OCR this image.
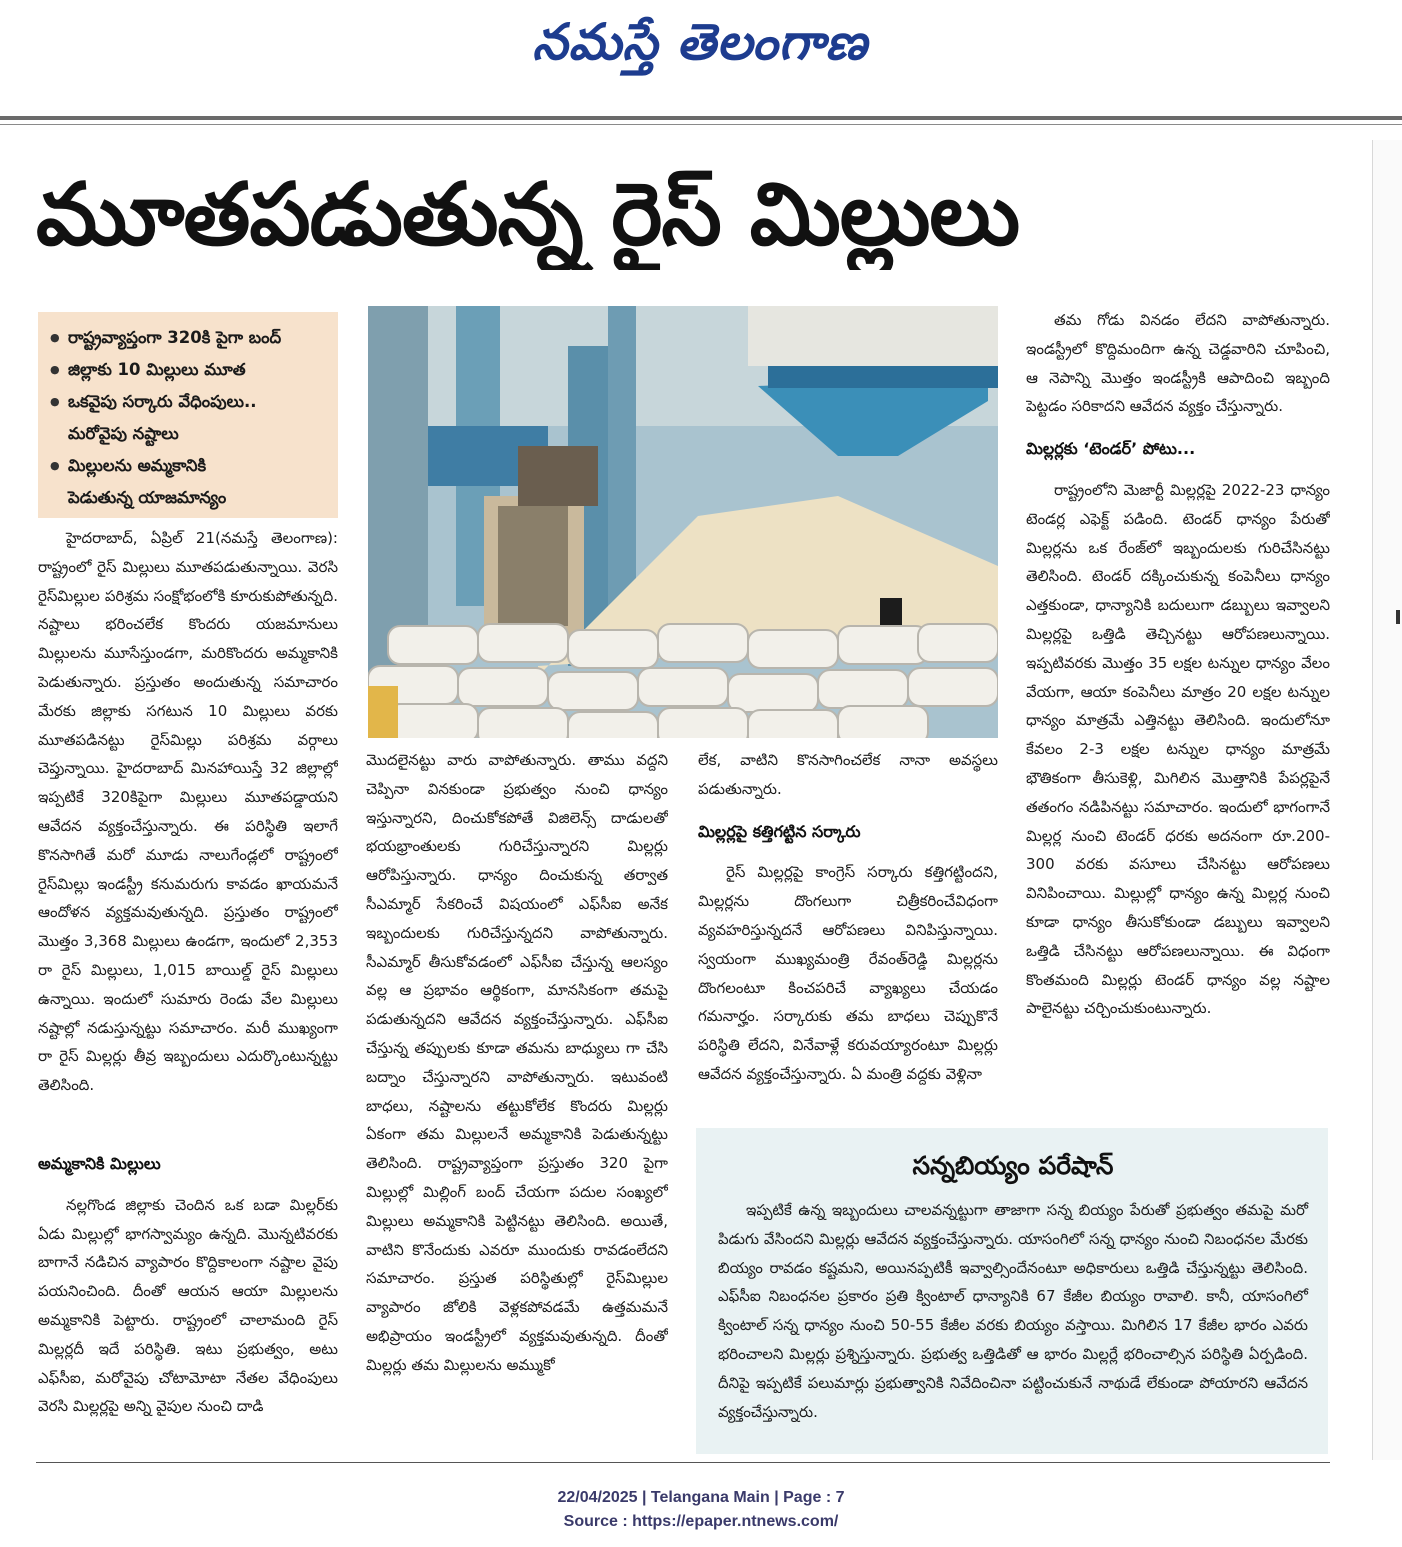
నమస్తే తెలంగాణ
మూతపడుతున్న రైస్ మిల్లులు
● రాష్ట్రవ్యాప్తంగా 320కి పైగా బంద్
● జిల్లాకు 10 మిల్లులు మూత
● ఒకవైపు సర్కారు వేధింపులు..
మరోవైపు నష్టాలు
● మిల్లులను అమ్మకానికి
పెడుతున్న యాజమాన్యం

హైదరాబాద్, ఏప్రిల్ 21(నమస్తే తెలంగాణ): రాష్ట్రంలో రైస్ మిల్లులు మూతపడుతున్నాయి. వెరసి రైస్‌మిల్లుల పరిశ్రమ సంక్షోభంలోకి కూరుకుపోతున్నది. నష్టాలు భరించలేక కొందరు యజమానులు మిల్లులను మూసేస్తుండగా, మరికొందరు అమ్మకానికి పెడుతున్నారు. ప్రస్తుతం అందుతున్న సమాచారం మేరకు జిల్లాకు సగటున 10 మిల్లులు వరకు మూతపడినట్టు రైస్‌మిల్లు పరిశ్రమ వర్గాలు చెప్తున్నాయి. హైదరాబాద్ మినహాయిస్తే 32 జిల్లాల్లో ఇప్పటికే 320కిపైగా మిల్లులు మూతపడ్డాయని ఆవేదన వ్యక్తంచేస్తున్నారు. ఈ పరిస్థితి ఇలాగే కొనసాగితే మరో మూడు నాలుగేండ్లలో రాష్ట్రంలో రైస్‌మిల్లు ఇండస్ట్రీ కనుమరుగు కావడం ఖాయమనే ఆందోళన వ్యక్తమవుతున్నది. ప్రస్తుతం రాష్ట్రంలో మొత్తం 3,368 మిల్లులు ఉండగా, ఇందులో 2,353 రా రైస్ మిల్లులు, 1,015 బాయిల్డ్ రైస్ మిల్లులు ఉన్నాయి. ఇందులో సుమారు రెండు వేల మిల్లులు నష్టాల్లో నడుస్తున్నట్టు సమాచారం. మరీ ముఖ్యంగా రా రైస్ మిల్లర్లు తీవ్ర ఇబ్బందులు ఎదుర్కొంటున్నట్టు తెలిసింది.

అమ్మకానికి మిల్లులు

నల్లగొండ జిల్లాకు చెందిన ఒక బడా మిల్లర్‌కు ఏడు మిల్లుల్లో భాగస్వామ్యం ఉన్నది. మొన్నటివరకు బాగానే నడిచిన వ్యాపారం కొద్దికాలంగా నష్టాల వైపు పయనించింది. దీంతో ఆయన ఆయా మిల్లులను అమ్మకానికి పెట్టారు. రాష్ట్రంలో చాలామంది రైస్ మిల్లర్లదీ ఇదే పరిస్థితి. ఇటు ప్రభుత్వం, అటు ఎఫ్‌సీఐ, మరోవైపు చోటామోటా నేతల వేధింపులు వెరసి మిల్లర్లపై అన్ని వైపుల నుంచి దాడి

మొదలైనట్టు వారు వాపోతున్నారు. తాము వద్దని చెప్పినా వినకుండా ప్రభుత్వం నుంచి ధాన్యం ఇస్తున్నారని, దించుకోకపోతే విజిలెన్స్ దాడులతో భయభ్రాంతులకు గురిచేస్తున్నారని మిల్లర్లు ఆరోపిస్తున్నారు. ధాన్యం దించుకున్న తర్వాత సీఎమ్మార్ సేకరించే విషయంలో ఎఫ్‌సీఐ అనేక ఇబ్బందులకు గురిచేస్తున్నదని వాపోతున్నారు. సీఎమ్మార్ తీసుకోవడంలో ఎఫ్‌సీఐ చేస్తున్న ఆలస్యం వల్ల ఆ ప్రభావం ఆర్థికంగా, మానసికంగా తమపై పడుతున్నదని ఆవేదన వ్యక్తంచేస్తున్నారు. ఎఫ్‌సీఐ చేస్తున్న తప్పులకు కూడా తమను బాధ్యులు గా చేసి బద్నాం చేస్తున్నారని వాపోతున్నారు. ఇటువంటి బాధలు, నష్టాలను తట్టుకోలేక కొందరు మిల్లర్లు ఏకంగా తమ మిల్లులనే అమ్మకానికి పెడుతున్నట్టు తెలిసింది. రాష్ట్రవ్యాప్తంగా ప్రస్తుతం 320 పైగా మిల్లుల్లో మిల్లింగ్ బంద్ చేయగా పదుల సంఖ్యలో మిల్లులు అమ్మకానికి పెట్టినట్టు తెలిసింది. అయితే, వాటిని కొనేందుకు ఎవరూ ముందుకు రావడంలేదని సమాచారం. ప్రస్తుత పరిస్థితుల్లో రైస్‌మిల్లుల వ్యాపారం జోలికి వెళ్లకపోవడమే ఉత్తమమనే అభిప్రాయం ఇండస్ట్రీలో వ్యక్తమవుతున్నది. దీంతో మిల్లర్లు తమ మిల్లులను అమ్ముకో

లేక, వాటిని కొనసాగించలేక నానా అవస్థలు పడుతున్నారు.

మిల్లర్లపై కత్తిగట్టిన సర్కారు

రైస్ మిల్లర్లపై కాంగ్రెస్ సర్కారు కత్తిగట్టిందని, మిల్లర్లను దొంగలుగా చిత్రీకరించేవిధంగా వ్యవహరిస్తున్నదనే ఆరోపణలు వినిపిస్తున్నాయి. స్వయంగా ముఖ్యమంత్రి రేవంత్‌రెడ్డి మిల్లర్లను దొంగలంటూ కించపరిచే వ్యాఖ్యలు చేయడం గమనార్హం. సర్కారుకు తమ బాధలు చెప్పుకొనే పరిస్థితి లేదని, వినేవాళ్లే కరువయ్యారంటూ మిల్లర్లు ఆవేదన వ్యక్తంచేస్తున్నారు. ఏ మంత్రి వద్దకు వెళ్లినా

తమ గోడు వినడం లేదని వాపోతున్నారు. ఇండస్ట్రీలో కొద్దిమందిగా ఉన్న చెడ్డవారిని చూపించి, ఆ నెపాన్ని మొత్తం ఇండస్ట్రీకి ఆపాదించి ఇబ్బంది పెట్టడం సరికాదని ఆవేదన వ్యక్తం చేస్తున్నారు.

మిల్లర్లకు ‘టెండర్’ పోటు...

రాష్ట్రంలోని మెజార్టీ మిల్లర్లపై 2022-23 ధాన్యం టెండర్ల ఎఫెక్ట్ పడింది. టెండర్ ధాన్యం పేరుతో మిల్లర్లను ఒక రేంజ్‌లో ఇబ్బందులకు గురిచేసినట్టు తెలిసింది. టెండర్ దక్కించుకున్న కంపెనీలు ధాన్యం ఎత్తకుండా, ధాన్యానికి బదులుగా డబ్బులు ఇవ్వాలని మిల్లర్లపై ఒత్తిడి తెచ్చినట్టు ఆరోపణలున్నాయి. ఇప్పటివరకు మొత్తం 35 లక్షల టన్నుల ధాన్యం వేలం వేయగా, ఆయా కంపెనీలు మాత్రం 20 లక్షల టన్నుల ధాన్యం మాత్రమే ఎత్తినట్టు తెలిసింది. ఇందులోనూ కేవలం 2-3 లక్షల టన్నుల ధాన్యం మాత్రమే భౌతికంగా తీసుకెళ్లి, మిగిలిన మొత్తానికి పేపర్లపైనే తతంగం నడిపినట్టు సమాచారం. ఇందులో భాగంగానే మిల్లర్ల నుంచి టెండర్ ధరకు అదనంగా రూ.200-300 వరకు వసూలు చేసినట్టు ఆరోపణలు వినిపించాయి. మిల్లుల్లో ధాన్యం ఉన్న మిల్లర్ల నుంచి కూడా ధాన్యం తీసుకోకుండా డబ్బులు ఇవ్వాలని ఒత్తిడి చేసినట్టు ఆరోపణలున్నాయి. ఈ విధంగా కొంతమంది మిల్లర్లు టెండర్ ధాన్యం వల్ల నష్టాల పాలైనట్టు చర్చించుకుంటున్నారు.

సన్నబియ్యం పరేషాన్

ఇప్పటికే ఉన్న ఇబ్బందులు చాలవన్నట్టుగా తాజాగా సన్న బియ్యం పేరుతో ప్రభుత్వం తమపై మరో పిడుగు వేసిందని మిల్లర్లు ఆవేదన వ్యక్తంచేస్తున్నారు. యాసంగిలో సన్న ధాన్యం నుంచి నిబంధనల మేరకు బియ్యం రావడం కష్టమని, అయినప్పటికీ ఇవ్వాల్సిందేనంటూ అధికారులు ఒత్తిడి చేస్తున్నట్టు తెలిసింది. ఎఫ్‌సీఐ నిబంధనల ప్రకారం ప్రతి క్వింటాల్ ధాన్యానికి 67 కేజీల బియ్యం రావాలి. కానీ, యాసంగిలో క్వింటాల్ సన్న ధాన్యం నుంచి 50-55 కేజీల వరకు బియ్యం వస్తాయి. మిగిలిన 17 కేజీల భారం ఎవరు భరించాలని మిల్లర్లు ప్రశ్నిస్తున్నారు. ప్రభుత్వ ఒత్తిడితో ఆ భారం మిల్లర్లే భరించాల్సిన పరిస్థితి ఏర్పడింది. దీనిపై ఇప్పటికే పలుమార్లు ప్రభుత్వానికి నివేదించినా పట్టించుకునే నాథుడే లేకుండా పోయారని ఆవేదన వ్యక్తంచేస్తున్నారు.

22/04/2025 | Telangana Main | Page : 7
Source : https://epaper.ntnews.com/
